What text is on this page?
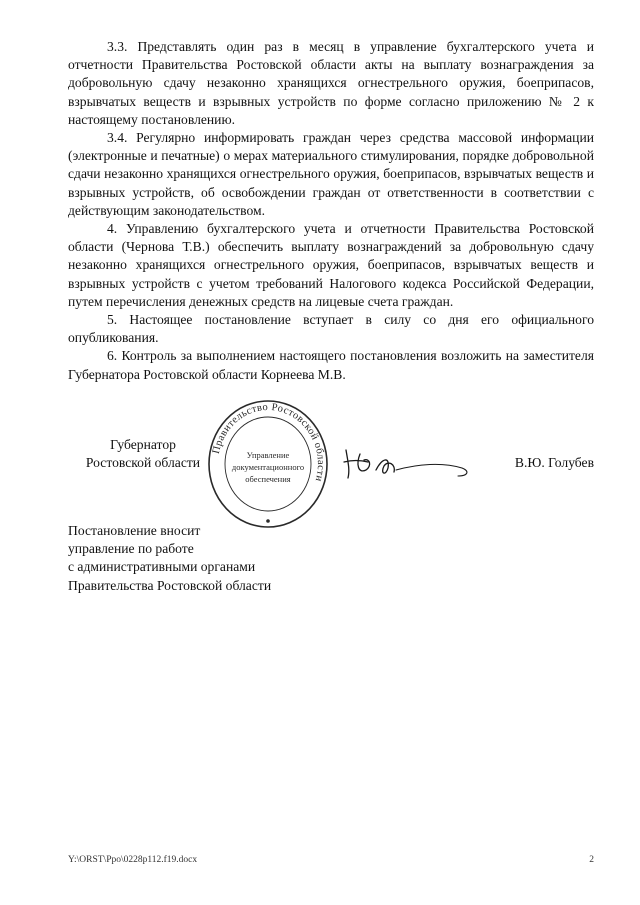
3.3. Представлять один раз в месяц в управление бухгалтерского учета и отчетности Правительства Ростовской области акты на выплату вознаграждения за добровольную сдачу незаконно хранящихся огнестрельного оружия, боеприпасов, взрывчатых веществ и взрывных устройств по форме согласно приложению № 2 к настоящему постановлению.

3.4. Регулярно информировать граждан через средства массовой информации (электронные и печатные) о мерах материального стимулирования, порядке добровольной сдачи незаконно хранящихся огнестрельного оружия, боеприпасов, взрывчатых веществ и взрывных устройств, об освобождении граждан от ответственности в соответствии с действующим законодательством.

4. Управлению бухгалтерского учета и отчетности Правительства Ростовской области (Чернова Т.В.) обеспечить выплату вознаграждений за добровольную сдачу незаконно хранящихся огнестрельного оружия, боеприпасов, взрывчатых веществ и взрывных устройств с учетом требований Налогового кодекса Российской Федерации, путем перечисления денежных средств на лицевые счета граждан.

5. Настоящее постановление вступает в силу со дня его официального опубликования.

6. Контроль за выполнением настоящего постановления возложить на заместителя Губернатора Ростовской области Корнеева М.В.

Губернатор
Ростовской области
Правительство Ростовской области
Управление
документационного
обеспечения
В.Ю. Голубев
Постановление вносит
управление по работе
с административными органами
Правительства Ростовской области
Y:\ORST\Ppo\0228p112.f19.docx	2
